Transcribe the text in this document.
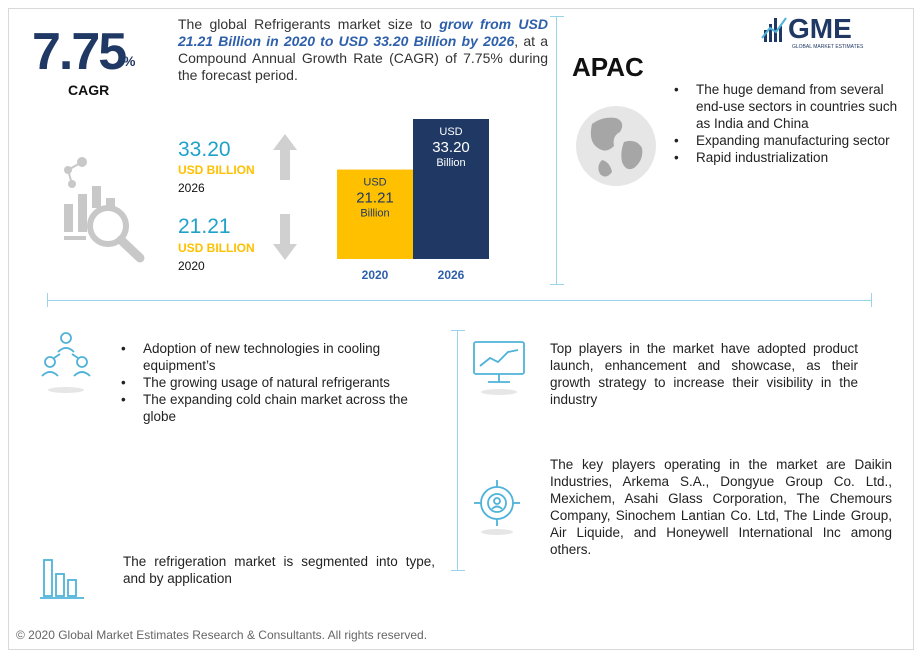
7.75
%
CAGR
The global Refrigerants market size to grow from USD 21.21 Billion in 2020 to USD 33.20 Billion by 2026, at a Compound Annual Growth Rate (CAGR) of 7.75% during the forecast period.
33.20
USD BILLION
2026
21.21
USD BILLION
2020
USD
21.21
Billion
2020
USD
33.20
Billion
2026
GME
GLOBAL MARKET ESTIMATES
APAC
• The huge demand from several end-use sectors in countries such as India and China
• Expanding manufacturing sector
• Rapid industrialization
• Adoption of new technologies in cooling equipment’s
• The growing usage of natural refrigerants
• The expanding cold chain market across the globe
Top players in the market have adopted product launch, enhancement and showcase, as their growth strategy to increase their visibility in the industry
The key players operating in the market are Daikin Industries, Arkema S.A., Dongyue Group Co. Ltd., Mexichem, Asahi Glass Corporation, The Chemours Company, Sinochem Lantian Co. Ltd, The Linde Group, Air Liquide, and Honeywell International Inc among others.
The refrigeration market is segmented into type, and by application
© 2020 Global Market Estimates Research & Consultants. All rights reserved.
